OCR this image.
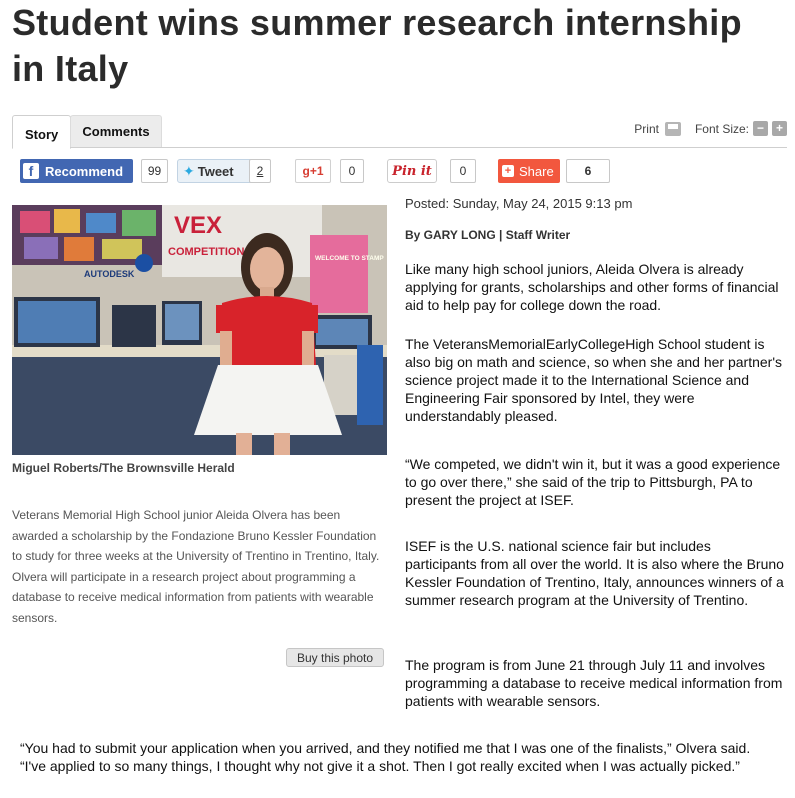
Student wins summer research internship in Italy
Story	Comments	Print	Font Size: − +
f Recommend	99	✦ Tweet	2	g+1	0	Pin it	0	+ Share	6
VEX
COMPETITION
AUTODESK
WELCOME TO STAMP
Miguel Roberts/The Brownsville Herald

Veterans Memorial High School junior Aleida Olvera has been awarded a scholarship by the Fondazione Bruno Kessler Foundation to study for three weeks at the University of Trentino in Trentino, Italy. Olvera will participate in a research project about programming a database to receive medical information from patients with wearable sensors.

Buy this photo
Posted: Sunday, May 24, 2015 9:13 pm
By GARY LONG | Staff Writer

Like many high school juniors, Aleida Olvera is already applying for grants, scholarships and other forms of financial aid to help pay for college down the road.

The VeteransMemorialEarlyCollegeHigh School student is also big on math and science, so when she and her partner's science project made it to the International Science and Engineering Fair sponsored by Intel, they were understandably pleased.

“We competed, we didn't win it, but it was a good experience to go over there,” she said of the trip to Pittsburgh, PA to present the project at ISEF.

ISEF is the U.S. national science fair but includes participants from all over the world. It is also where the Bruno Kessler Foundation of Trentino, Italy, announces winners of a summer research program at the University of Trentino.

The program is from June 21 through July 11 and involves programming a database to receive medical information from patients with wearable sensors.

“You had to submit your application when you arrived, and they notified me that I was one of the finalists,” Olvera said. “I've applied to so many things, I thought why not give it a shot. Then I got really excited when I was actually picked.”
